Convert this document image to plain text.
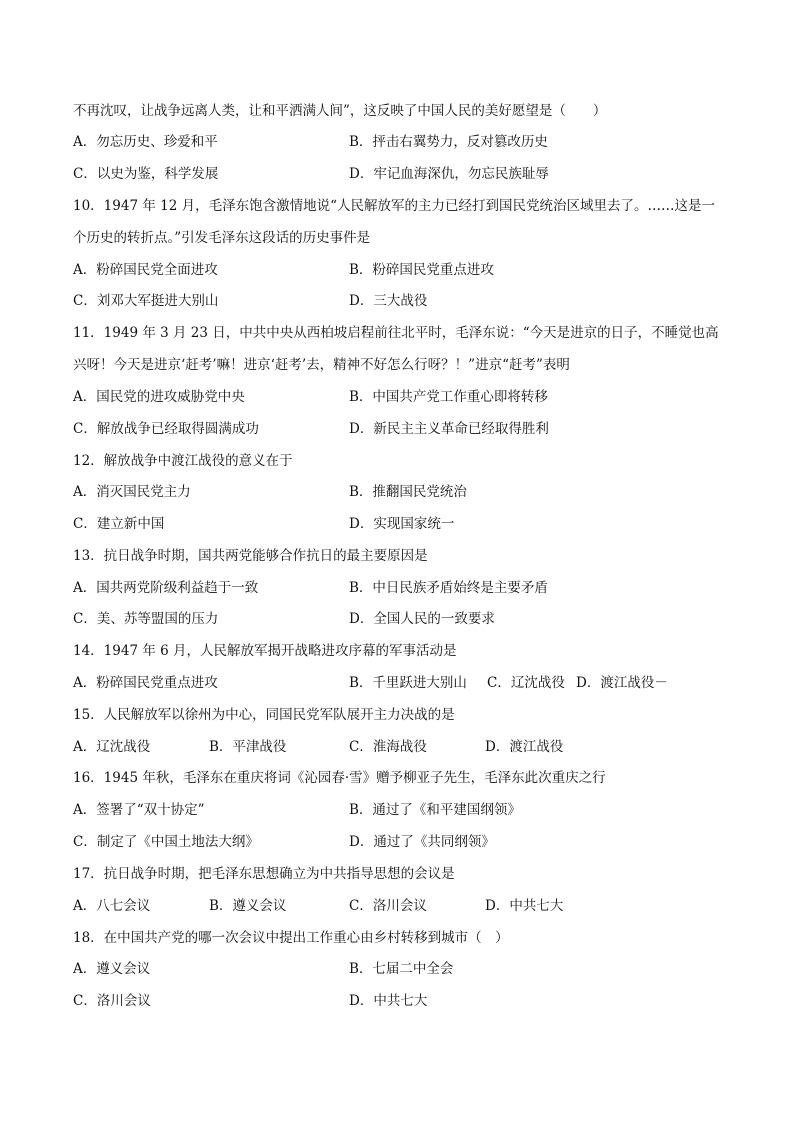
不再沈叹，让战争远离人类，让和平洒满人间”，这反映了中国人民的美好愿望是（　　）
A．勿忘历史、珍爱和平	B．抨击右翼势力，反对篡改历史
C．以史为鉴，科学发展	D．牢记血海深仇，勿忘民族耻辱
10．1947 年 12 月，毛泽东饱含激情地说“人民解放军的主力已经打到国民党统治区域里去了。……这是一
个历史的转折点。”引发毛泽东这段话的历史事件是
A．粉碎国民党全面进攻	B．粉碎国民党重点进攻
C．刘邓大军挺进大别山	D．三大战役
11．1949 年 3 月 23 日，中共中央从西柏坡启程前往北平时，毛泽东说：“今天是进京的日子，不睡觉也高
兴呀！今天是进京‘赶考’嘛！进京‘赶考’去，精神不好怎么行呀？！”进京“赶考”表明
A．国民党的进攻威胁党中央	B．中国共产党工作重心即将转移
C．解放战争已经取得圆满成功	D．新民主主义革命已经取得胜利
12．解放战争中渡江战役的意义在于
A．消灭国民党主力	B．推翻国民党统治
C．建立新中国	D．实现国家统一
13．抗日战争时期，国共两党能够合作抗日的最主要原因是
A．国共两党阶级利益趋于一致	B．中日民族矛盾始终是主要矛盾
C．美、苏等盟国的压力	D．全国人民的一致要求
14．1947 年 6 月，人民解放军揭开战略进攻序幕的军事活动是
A．粉碎国民党重点进攻	B．千里跃进大别山 C．辽沈战役 D．渡江战役－
15．人民解放军以徐州为中心，同国民党军队展开主力决战的是
A．辽沈战役	B．平津战役	C．淮海战役	D．渡江战役
16．1945 年秋，毛泽东在重庆将词《沁园春·雪》赠予柳亚子先生，毛泽东此次重庆之行
A．签署了“双十协定”	B．通过了《和平建国纲领》
C．制定了《中国土地法大纲》	D．通过了《共同纲领》
17．抗日战争时期，把毛泽东思想确立为中共指导思想的会议是
A．八七会议	B．遵义会议	C．洛川会议	D．中共七大
18．在中国共产党的哪一次会议中提出工作重心由乡村转移到城市（　）
A．遵义会议	B．七届二中全会
C．洛川会议	D．中共七大
